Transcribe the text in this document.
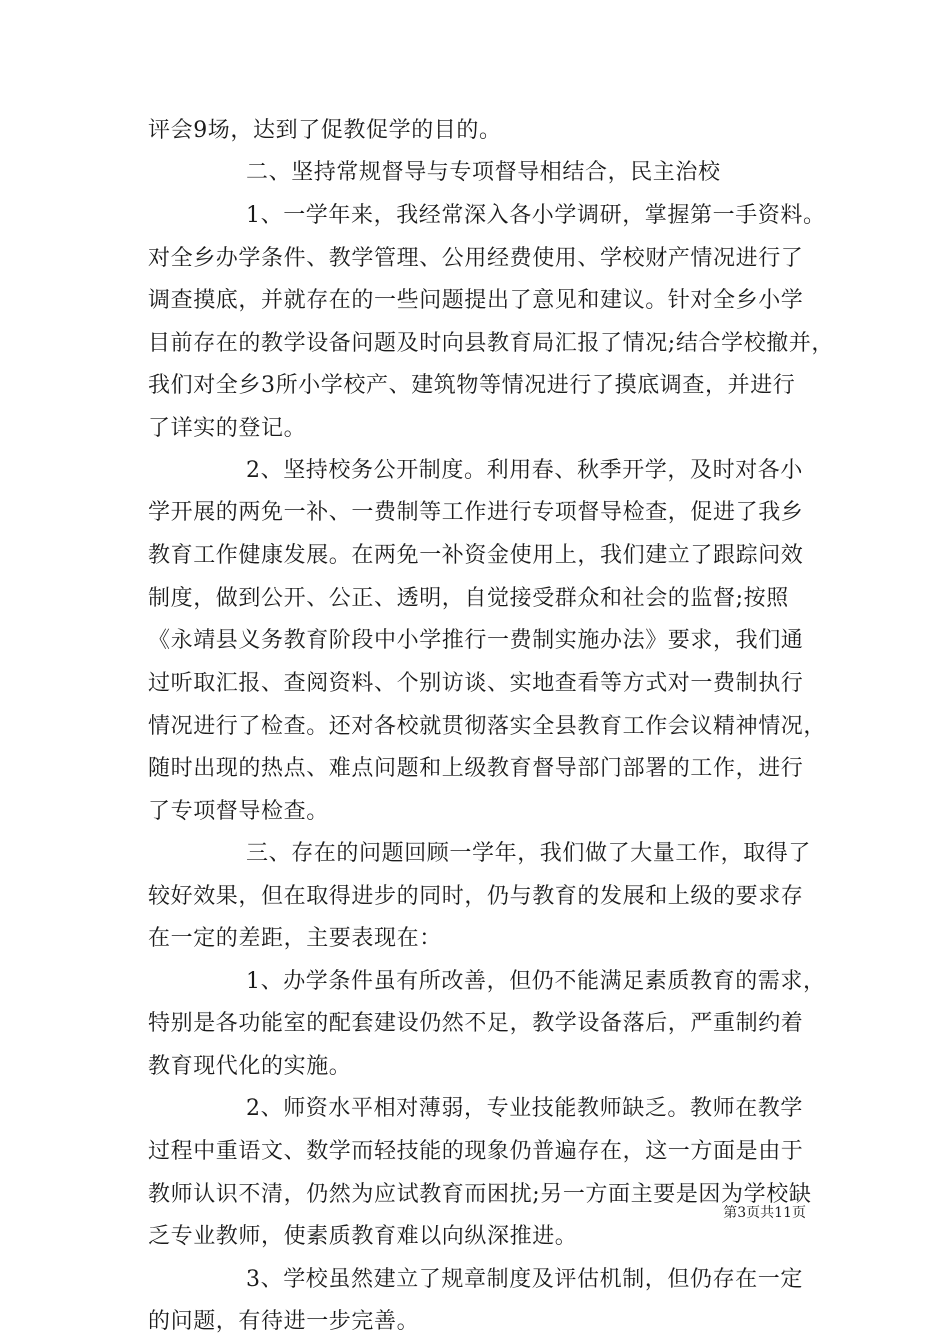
评会9场，达到了促教促学的目的。
二、坚持常规督导与专项督导相结合，民主治校
1、一学年来，我经常深入各小学调研，掌握第一手资料。
对全乡办学条件、教学管理、公用经费使用、学校财产情况进行了
调查摸底，并就存在的一些问题提出了意见和建议。针对全乡小学
目前存在的教学设备问题及时向县教育局汇报了情况;结合学校撤并，
我们对全乡3所小学校产、建筑物等情况进行了摸底调查，并进行
了详实的登记。
2、坚持校务公开制度。利用春、秋季开学，及时对各小
学开展的两免一补、一费制等工作进行专项督导检查，促进了我乡
教育工作健康发展。在两免一补资金使用上，我们建立了跟踪问效
制度，做到公开、公正、透明，自觉接受群众和社会的监督;按照
《永靖县义务教育阶段中小学推行一费制实施办法》要求，我们通
过听取汇报、查阅资料、个别访谈、实地查看等方式对一费制执行
情况进行了检查。还对各校就贯彻落实全县教育工作会议精神情况，
随时出现的热点、难点问题和上级教育督导部门部署的工作，进行
了专项督导检查。
三、存在的问题回顾一学年，我们做了大量工作，取得了
较好效果，但在取得进步的同时，仍与教育的发展和上级的要求存
在一定的差距，主要表现在：
1、办学条件虽有所改善，但仍不能满足素质教育的需求，
特别是各功能室的配套建设仍然不足，教学设备落后，严重制约着
教育现代化的实施。
2、师资水平相对薄弱，专业技能教师缺乏。教师在教学
过程中重语文、数学而轻技能的现象仍普遍存在，这一方面是由于
教师认识不清，仍然为应试教育而困扰;另一方面主要是因为学校缺
乏专业教师，使素质教育难以向纵深推进。
3、学校虽然建立了规章制度及评估机制，但仍存在一定
的问题，有待进一步完善。
第3页共11页
